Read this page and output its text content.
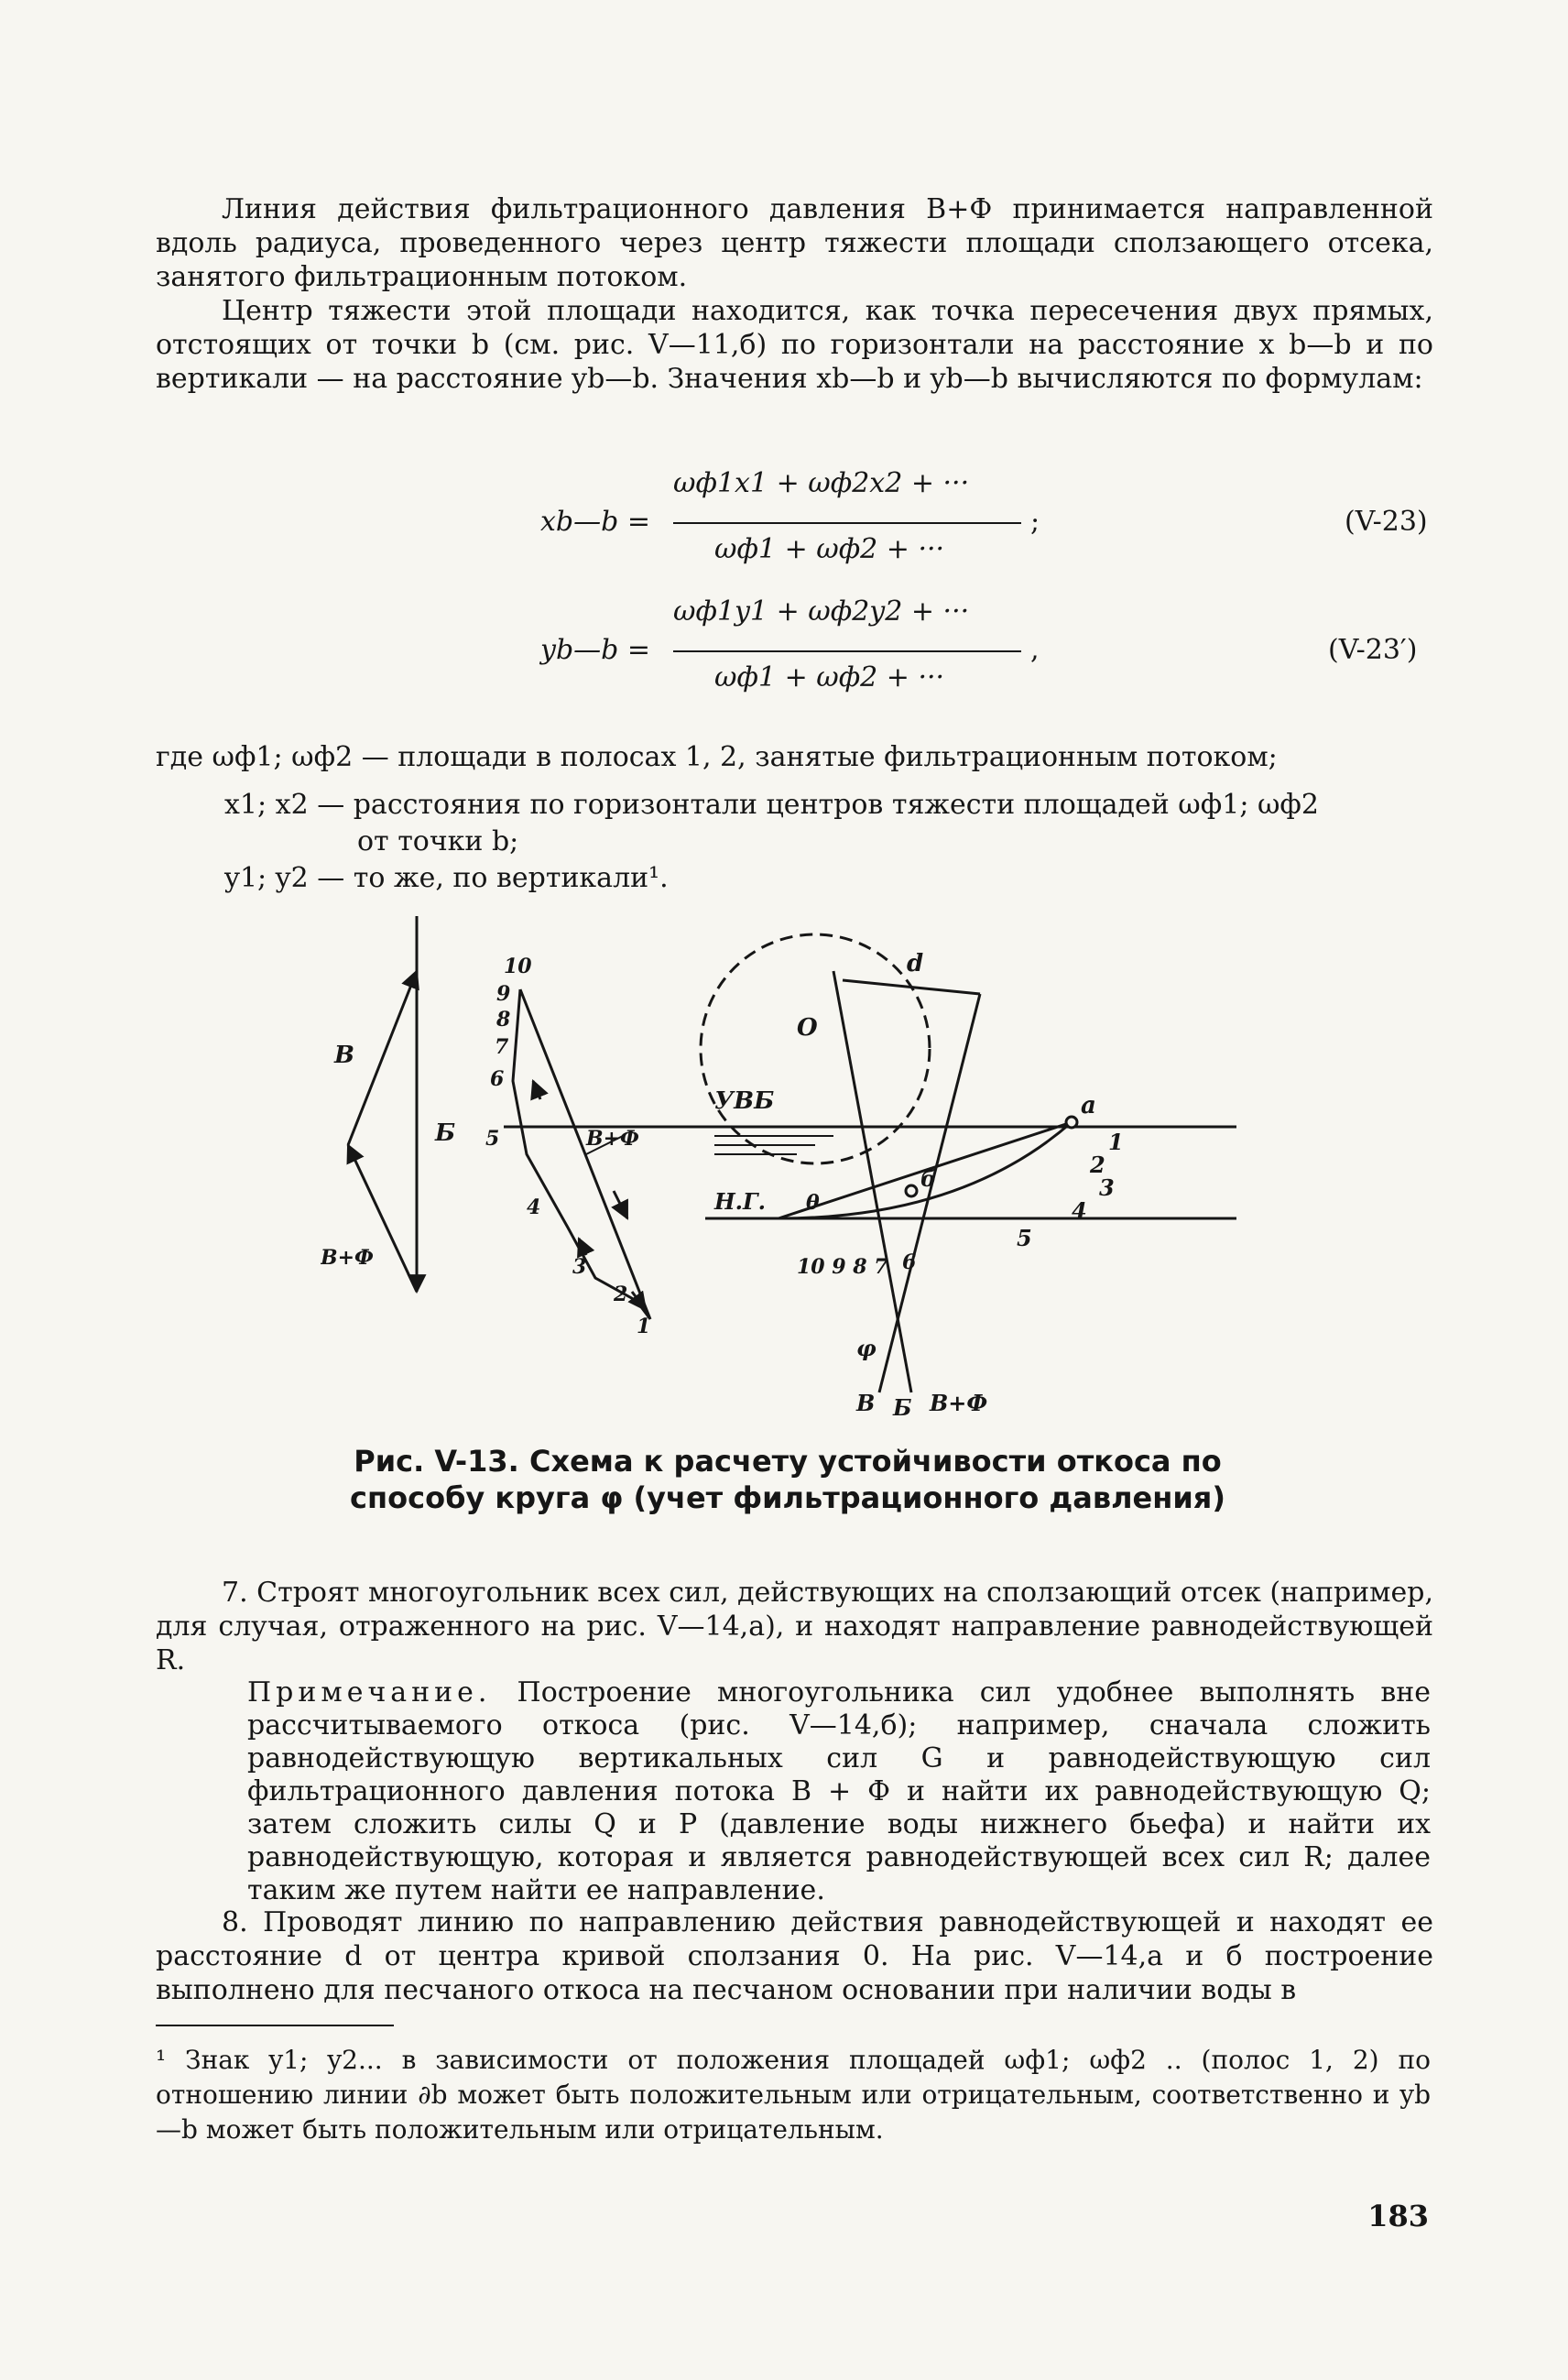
Линия действия фильтрационного давления В+Ф принимается направленной вдоль радиуса, проведенного через центр тяжести площади сползающего отсека, занятого фильтрационным потоком.

Центр тяжести этой площади находится, как точка пересечения двух прямых, отстоящих от точки b (см. рис. V—11,б) по горизонтали на расстояние x b—b и по вертикали — на расстояние yb—b. Значения xb—b и yb—b вычисляются по формулам:

xb—b =
ωф1x1 + ωф2x2 + ···
ωф1 + ωф2 + ···
;	(V-23)
yb—b =
ωф1y1 + ωф2y2 + ···
ωф1 + ωф2 + ···
,	(V-23′)
где ωф1; ωф2 — площади в полосах 1, 2, занятые фильтрационным потоком;
x1; x2 — расстояния по горизонтали центров тяжести площадей ωф1; ωф2
от точки b;
y1; y2 — то же, по вертикали¹.
В
Б
В+Ф
10
9
8
7
6
5
4
3
2
1
В+Ф
О
d
УВБ
Н.Г.
а
б
θ
φ
1
2
3
4
5
10 9 8 7 6
В Б В+Ф
Рис. V-13. Схема к расчету устойчивости откоса по способу круга φ (учет фильтрационного давления)

7. Строят многоугольник всех сил, действующих на сползающий отсек (например, для случая, отраженного на рис. V—14,а), и находят направление равнодействующей R.

Примечание. Построение многоугольника сил удобнее выполнять вне рассчитываемого откоса (рис. V—14,б); например, сначала сложить равнодействующую вертикальных сил G и равнодействующую сил фильтрационного давления потока B + Ф и найти их равнодействующую Q; затем сложить силы Q и P (давление воды нижнего бьефа) и найти их равнодействующую, которая и является равнодействующей всех сил R; далее таким же путем найти ее направление.

8. Проводят линию по направлению действия равнодействующей и находят ее расстояние d от центра кривой сползания 0. На рис. V—14,а и б построение выполнено для песчаного откоса на песчаном основании при наличии воды в

¹ Знак y1; y2... в зависимости от положения площадей ωф1; ωф2 .. (полос 1, 2) по отношению линии ∂b может быть положительным или отрицательным, соответственно и yb—b может быть положительным или отрицательным.
183
